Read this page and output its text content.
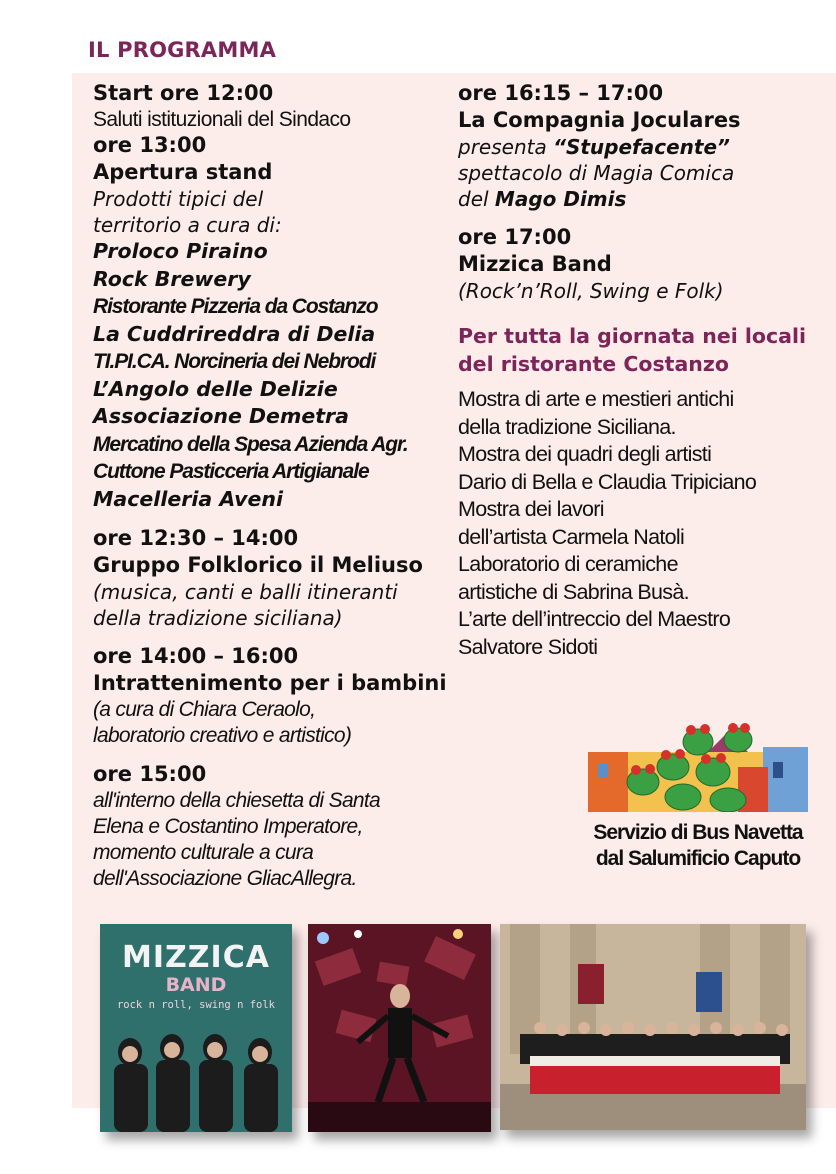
IL PROGRAMMA
Start ore 12:00
Saluti istituzionali del Sindaco
ore 13:00
Apertura stand
Prodotti tipici del
territorio a cura di:
Proloco Piraino
Rock Brewery
Ristorante Pizzeria da Costanzo
La Cuddrireddra di Delia
TI.PI.CA. Norcineria dei Nebrodi
L’Angolo delle Delizie
Associazione Demetra
Mercatino della Spesa Azienda Agr.
Cuttone Pasticceria Artigianale
Macelleria Aveni
ore 12:30 – 14:00
Gruppo Folklorico il Meliuso
(musica, canti e balli itineranti
della tradizione siciliana)
ore 14:00 – 16:00
Intrattenimento per i bambini
(a cura di Chiara Ceraolo,
laboratorio creativo e artistico)
ore 15:00
all'interno della chiesetta di Santa
Elena e Costantino Imperatore,
momento culturale a cura
dell'Associazione GliacAllegra.
ore 16:15 – 17:00
La Compagnia Joculares
presenta “Stupefacente”
spettacolo di Magia Comica
del Mago Dimis
ore 17:00
Mizzica Band
(Rock’n’Roll, Swing e Folk)
Per tutta la giornata nei locali
del ristorante Costanzo
Mostra di arte e mestieri antichi
della tradizione Siciliana.
Mostra dei quadri degli artisti
Dario di Bella e Claudia Tripiciano
Mostra dei lavori
dell’artista Carmela Natoli
Laboratorio di ceramiche
artistiche di Sabrina Busà.
L’arte dell’intreccio del Maestro
Salvatore Sidoti
Servizio di Bus Navetta
dal Salumificio Caputo
MIZZICA
BAND
rock n roll, swing n folk
